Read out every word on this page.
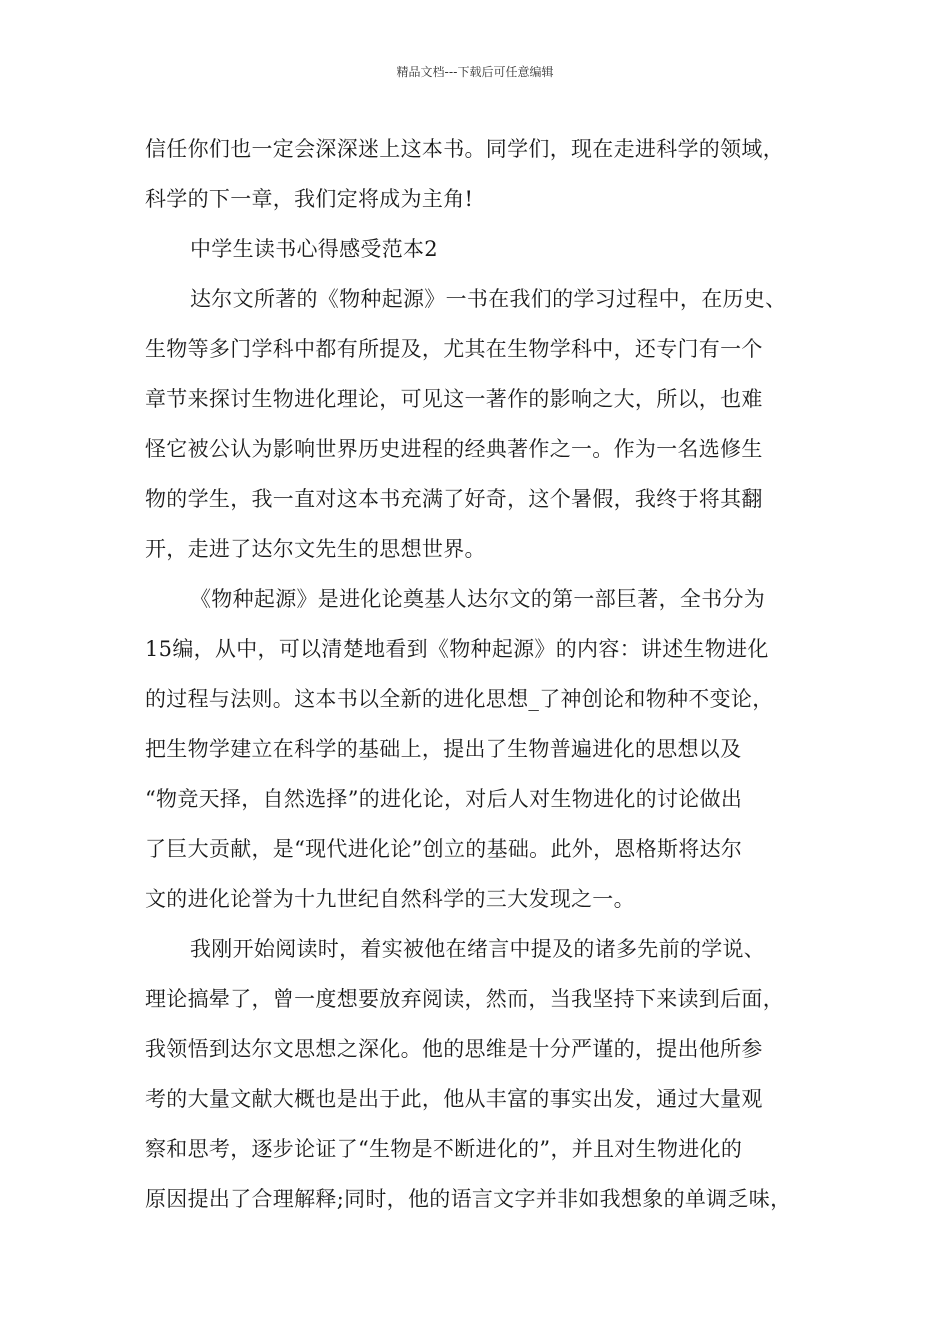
精品文档---下载后可任意编辑
信任你们也一定会深深迷上这本书。同学们，现在走进科学的领域，
科学的下一章，我们定将成为主角!
中学生读书心得感受范本2
达尔文所著的《物种起源》一书在我们的学习过程中，在历史、
生物等多门学科中都有所提及，尤其在生物学科中，还专门有一个
章节来探讨生物进化理论，可见这一著作的影响之大，所以，也难
怪它被公认为影响世界历史进程的经典著作之一。作为一名选修生
物的学生，我一直对这本书充满了好奇，这个暑假，我终于将其翻
开，走进了达尔文先生的思想世界。
《物种起源》是进化论奠基人达尔文的第一部巨著，全书分为
15编，从中，可以清楚地看到《物种起源》的内容：讲述生物进化
的过程与法则。这本书以全新的进化思想_了神创论和物种不变论，
把生物学建立在科学的基础上，提出了生物普遍进化的思想以及
“物竞天择，自然选择”的进化论，对后人对生物进化的讨论做出
了巨大贡献，是“现代进化论”创立的基础。此外，恩格斯将达尔
文的进化论誉为十九世纪自然科学的三大发现之一。
我刚开始阅读时，着实被他在绪言中提及的诸多先前的学说、
理论搞晕了，曾一度想要放弃阅读，然而，当我坚持下来读到后面，
我领悟到达尔文思想之深化。他的思维是十分严谨的，提出他所参
考的大量文献大概也是出于此，他从丰富的事实出发，通过大量观
察和思考，逐步论证了“生物是不断进化的”，并且对生物进化的
原因提出了合理解释;同时，他的语言文字并非如我想象的单调乏味，
